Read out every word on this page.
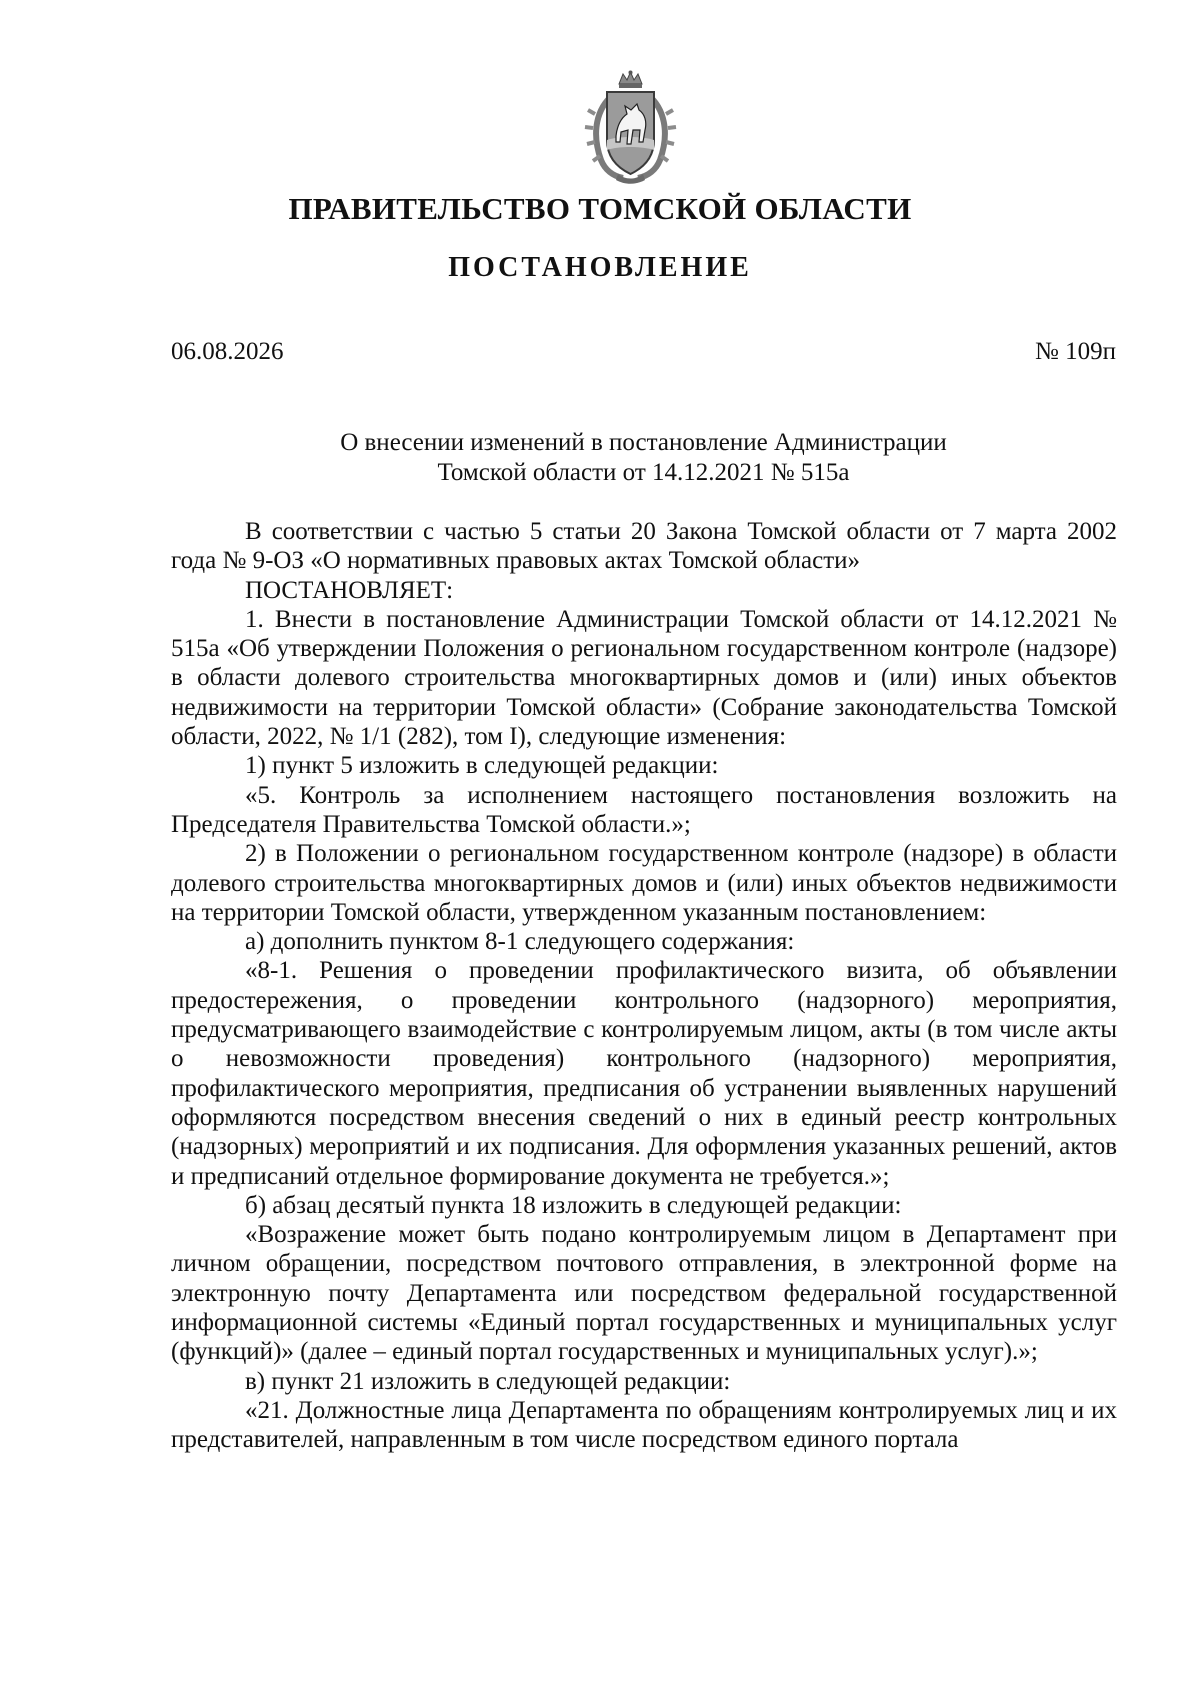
ПРАВИТЕЛЬСТВО ТОМСКОЙ ОБЛАСТИ
ПОСТАНОВЛЕНИЕ
06.08.2026	№ 109п
О внесении изменений в постановление Администрации
Томской области от 14.12.2021 № 515а

В соответствии с частью 5 статьи 20 Закона Томской области от 7 марта 2002 года № 9-ОЗ «О нормативных правовых актах Томской области»

ПОСТАНОВЛЯЕТ:

1. Внести в постановление Администрации Томской области от 14.12.2021 № 515а «Об утверждении Положения о региональном государственном контроле (надзоре) в области долевого строительства многоквартирных домов и (или) иных объектов недвижимости на территории Томской области» (Собрание законодательства Томской области, 2022, № 1/1 (282), том I), следующие изменения:

1) пункт 5 изложить в следующей редакции:

«5. Контроль за исполнением настоящего постановления возложить на Председателя Правительства Томской области.»;

2) в Положении о региональном государственном контроле (надзоре) в области долевого строительства многоквартирных домов и (или) иных объектов недвижимости на территории Томской области, утвержденном указанным постановлением:

а) дополнить пунктом 8-1 следующего содержания:

«8-1. Решения о проведении профилактического визита, об объявлении предостережения, о проведении контрольного (надзорного) мероприятия, предусматривающего взаимодействие с контролируемым лицом, акты (в том числе акты о невозможности проведения) контрольного (надзорного) мероприятия, профилактического мероприятия, предписания об устранении выявленных нарушений оформляются посредством внесения сведений о них в единый реестр контрольных (надзорных) мероприятий и их подписания. Для оформления указанных решений, актов и предписаний отдельное формирование документа не требуется.»;

б) абзац десятый пункта 18 изложить в следующей редакции:

«Возражение может быть подано контролируемым лицом в Департамент при личном обращении, посредством почтового отправления, в электронной форме на электронную почту Департамента или посредством федеральной государственной информационной системы «Единый портал государственных и муниципальных услуг (функций)» (далее – единый портал государственных и муниципальных услуг).»;

в) пункт 21 изложить в следующей редакции:

«21. Должностные лица Департамента по обращениям контролируемых лиц и их представителей, направленным в том числе посредством единого портала
